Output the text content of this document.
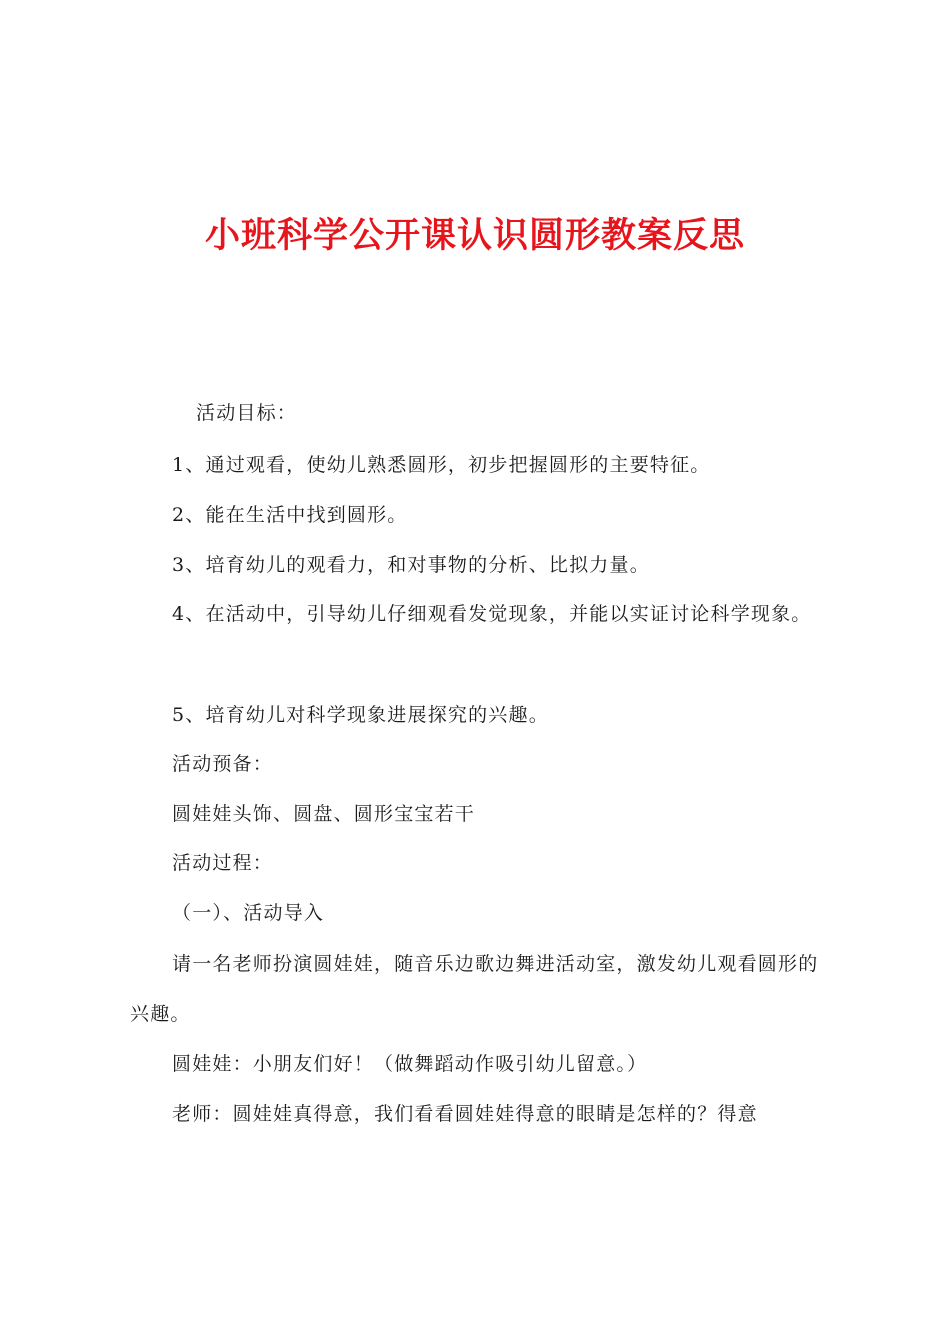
小班科学公开课认识圆形教案反思
活动目标：
1、通过观看，使幼儿熟悉圆形，初步把握圆形的主要特征。
2、能在生活中找到圆形。
3、培育幼儿的观看力，和对事物的分析、比拟力量。
4、在活动中，引导幼儿仔细观看发觉现象，并能以实证讨论科学现象。
5、培育幼儿对科学现象进展探究的兴趣。
活动预备：
圆娃娃头饰、圆盘、圆形宝宝若干
活动过程：
（一）、活动导入
请一名老师扮演圆娃娃，随音乐边歌边舞进活动室，激发幼儿观看圆形的兴趣。
圆娃娃：小朋友们好！（做舞蹈动作吸引幼儿留意。）
老师：圆娃娃真得意，我们看看圆娃娃得意的眼睛是怎样的？得意
